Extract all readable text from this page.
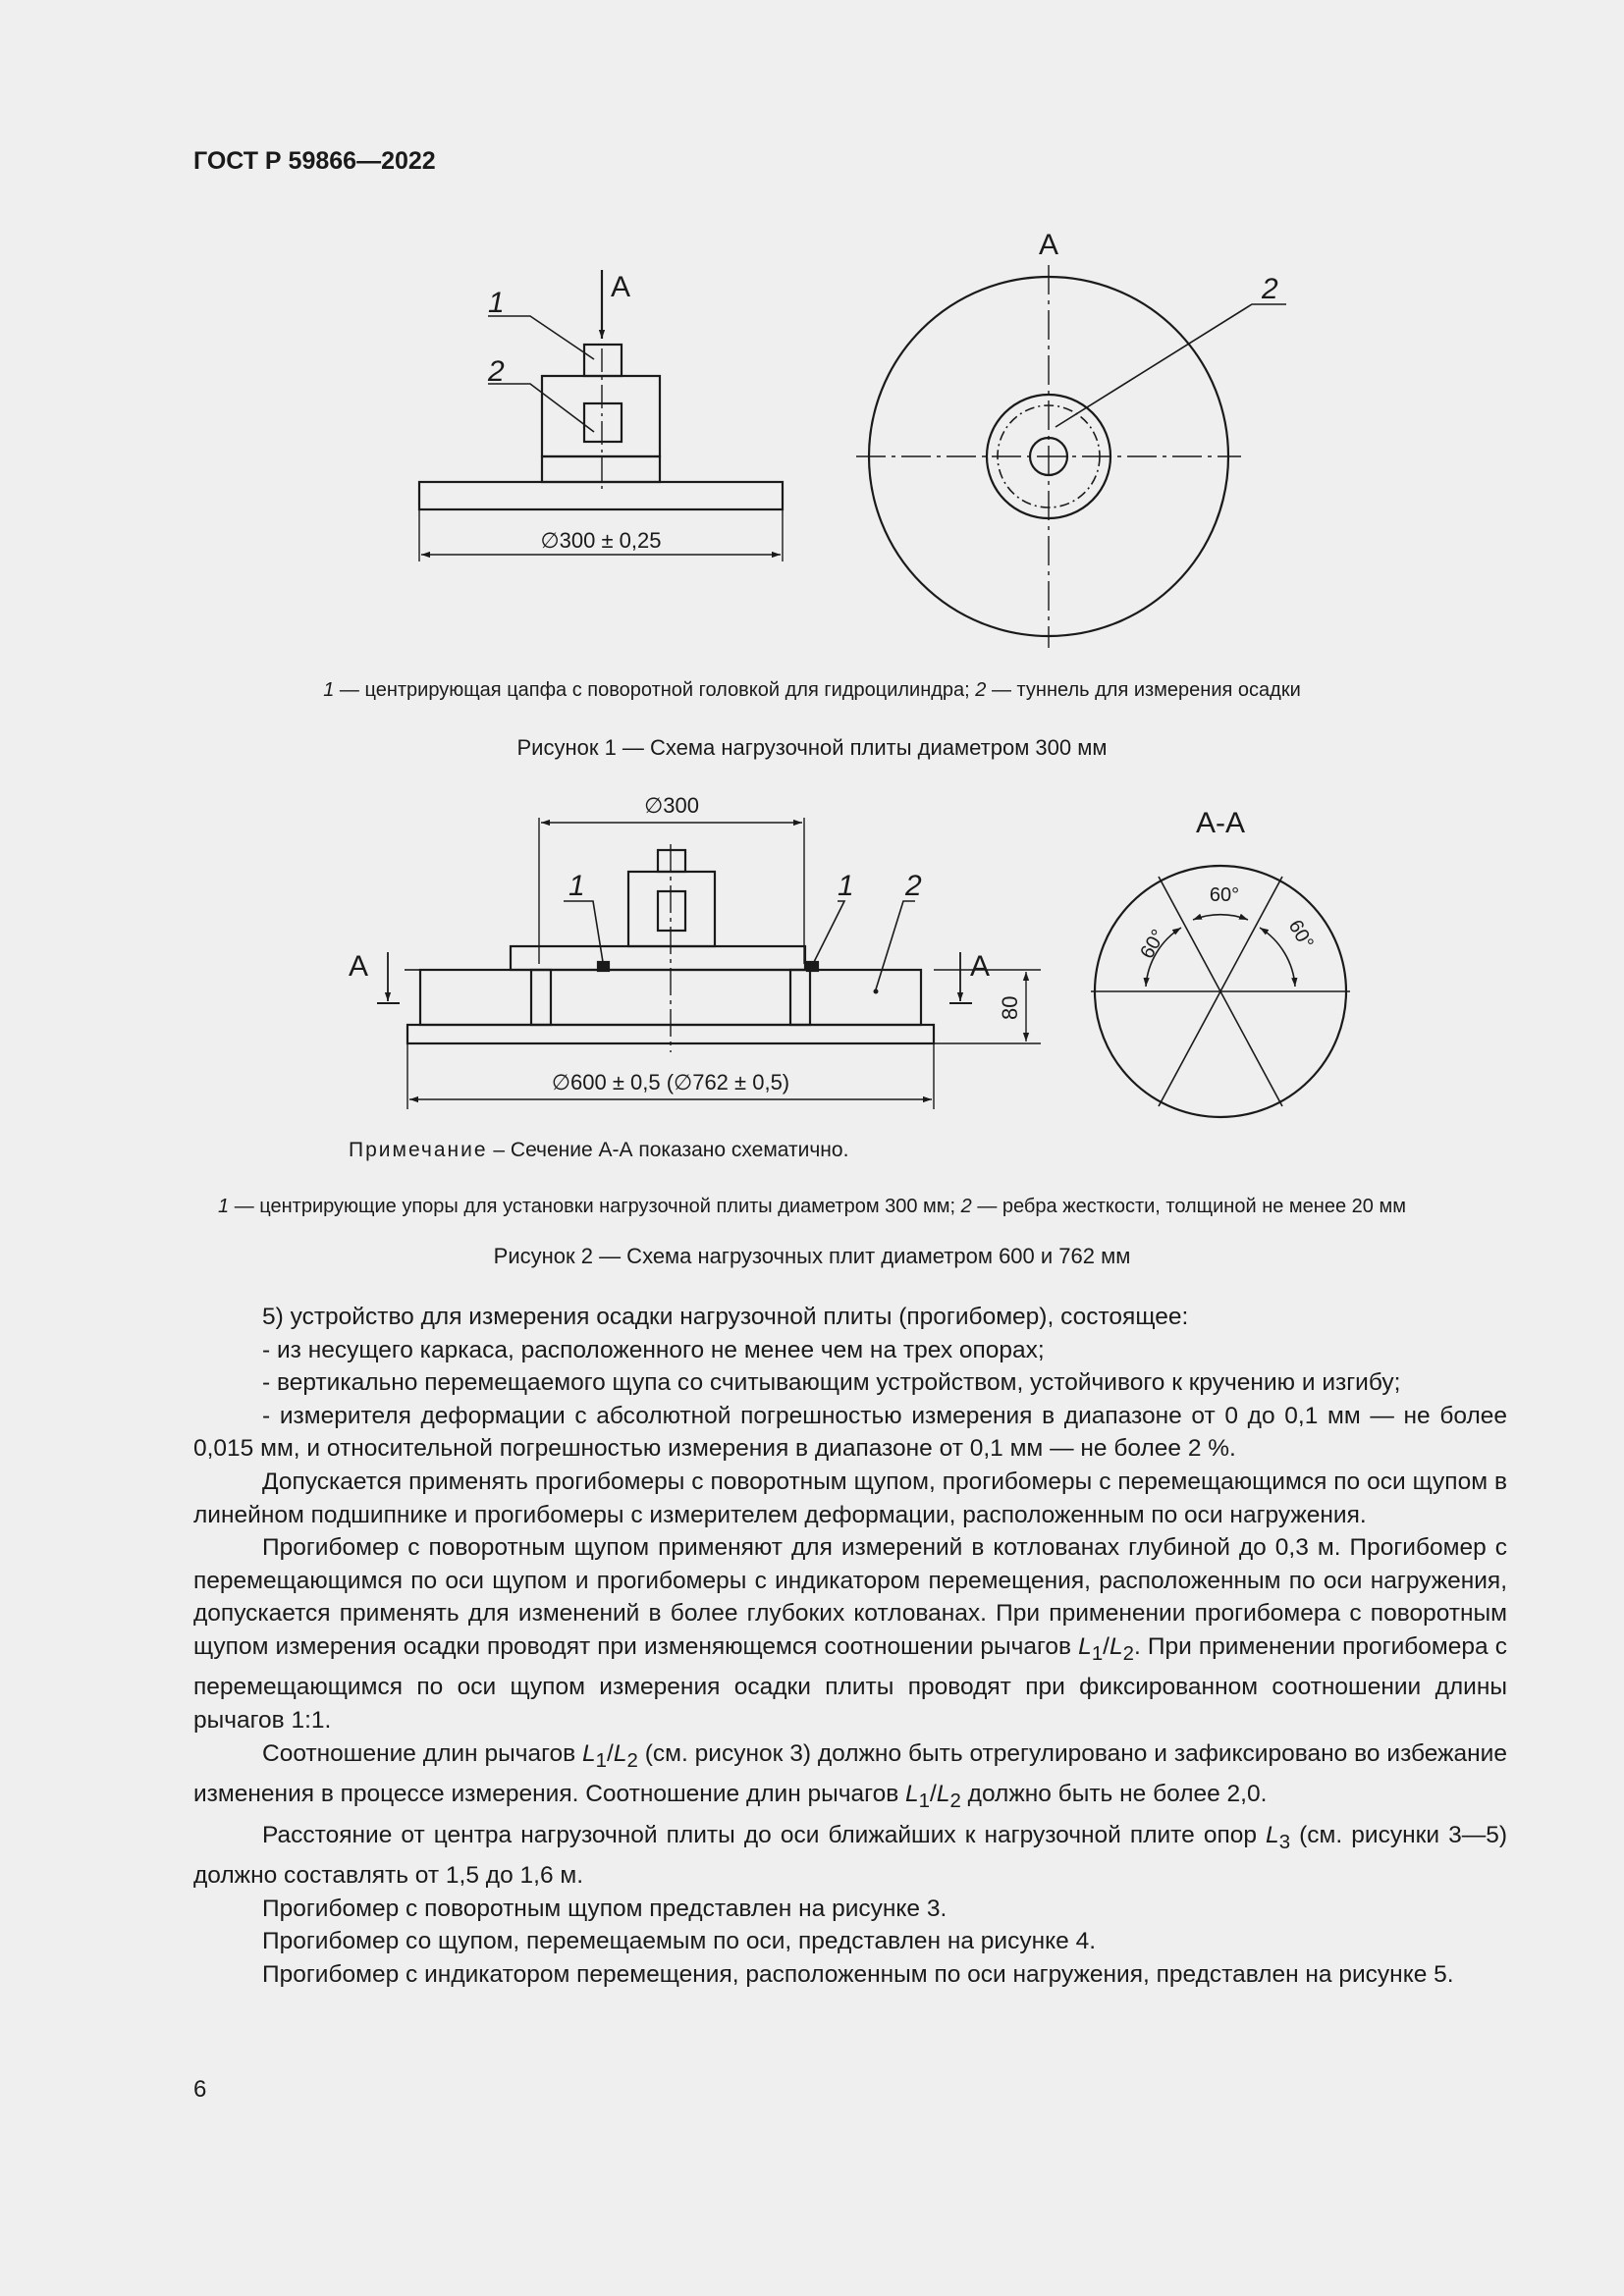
ГОСТ Р 59866—2022
1
2
А
∅300 ± 0,25
А
2
1	1 2
А	А
∅300
∅600 ± 0,5 (∅762 ± 0,5)
80
А-А
60°
60°	60°
1 — центрирующая цапфа с поворотной головкой для гидроцилиндра; 2 — туннель для измерения осадки
Рисунок 1 — Схема нагрузочной плиты диаметром 300 мм
Примечание – Сечение А-А показано схематично.
1 — центрирующие упоры для установки нагрузочной плиты диаметром 300 мм; 2 — ребра жесткости, толщиной не менее 20 мм
Рисунок 2 — Схема нагрузочных плит диаметром 600 и 762 мм

5) устройство для измерения осадки нагрузочной плиты (прогибомер), состоящее:

- из несущего каркаса, расположенного не менее чем на трех опорах;

- вертикально перемещаемого щупа со считывающим устройством, устойчивого к кручению и изгибу;

- измерителя деформации с абсолютной погрешностью измерения в диапазоне от 0 до 0,1 мм — не более 0,015 мм, и относительной погрешностью измерения в диапазоне от 0,1 мм — не более 2 %.

Допускается применять прогибомеры с поворотным щупом, прогибомеры с перемещающимся по оси щупом в линейном подшипнике и прогибомеры с измерителем деформации, расположенным по оси нагружения.

Прогибомер с поворотным щупом применяют для измерений в котлованах глубиной до 0,3 м. Прогибомер с перемещающимся по оси щупом и прогибомеры с индикатором перемещения, расположенным по оси нагружения, допускается применять для изменений в более глубоких котлованах. При применении прогибомера с поворотным щупом измерения осадки проводят при изменяющемся соотношении рычагов $L_1/L_2$. При применении прогибомера с перемещающимся по оси щупом измерения осадки плиты проводят при фиксированном соотношении длины рычагов 1:1.

Соотношение длин рычагов $L_1/L_2$ (см. рисунок 3) должно быть отрегулировано и зафиксировано во избежание изменения в процессе измерения. Соотношение длин рычагов $L_1/L_2$ должно быть не более 2,0.

Расстояние от центра нагрузочной плиты до оси ближайших к нагрузочной плите опор $L_3$ (см. рисунки 3—5) должно составлять от 1,5 до 1,6 м.

Прогибомер с поворотным щупом представлен на рисунке 3.

Прогибомер со щупом, перемещаемым по оси, представлен на рисунке 4.

Прогибомер с индикатором перемещения, расположенным по оси нагружения, представлен на рисунке 5.

6
